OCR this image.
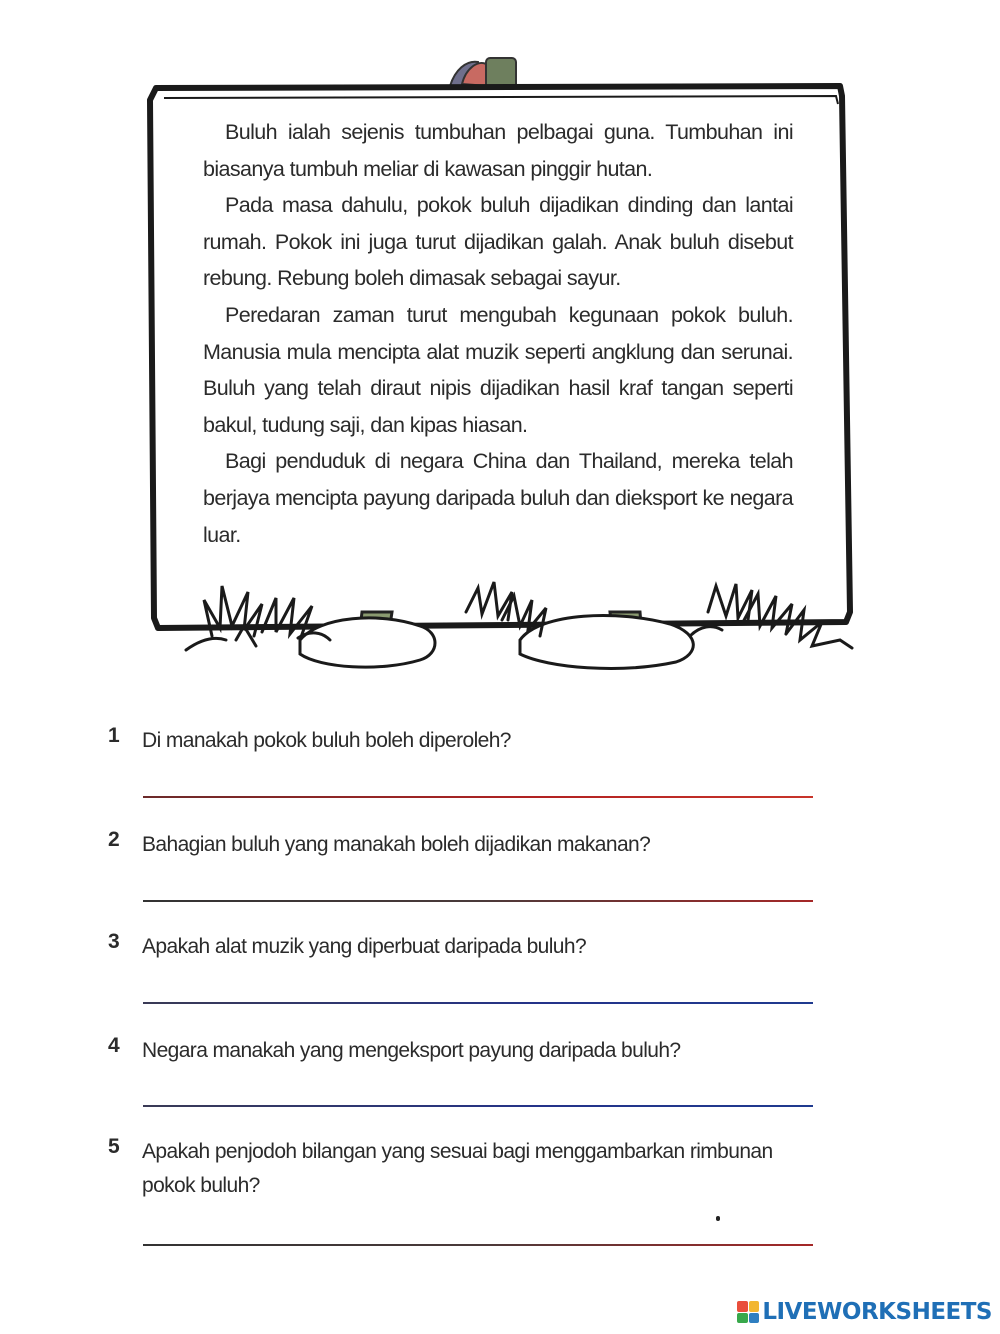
Buluh ialah sejenis tumbuhan pelbagai guna. Tumbuhan ini biasanya tumbuh meliar di kawasan pinggir hutan.

Pada masa dahulu, pokok buluh dijadikan dinding dan lantai rumah. Pokok ini juga turut dijadikan galah. Anak buluh disebut rebung. Rebung boleh dimasak sebagai sayur.

Peredaran zaman turut mengubah kegunaan pokok buluh. Manusia mula mencipta alat muzik seperti angklung dan serunai. Buluh yang telah diraut nipis dijadikan hasil kraf tangan seperti bakul, tudung saji, dan kipas hiasan.

Bagi penduduk di negara China dan Thailand, mereka telah berjaya mencipta payung daripada buluh dan dieksport ke negara luar.

1	Di manakah pokok buluh boleh diperoleh?
2	Bahagian buluh yang manakah boleh dijadikan makanan?
3	Apakah alat muzik yang diperbuat daripada buluh?
4	Negara manakah yang mengeksport payung daripada buluh?
5	Apakah penjodoh bilangan yang sesuai bagi menggambarkan rimbunan pokok buluh?
LIVEWORKSHEETS
